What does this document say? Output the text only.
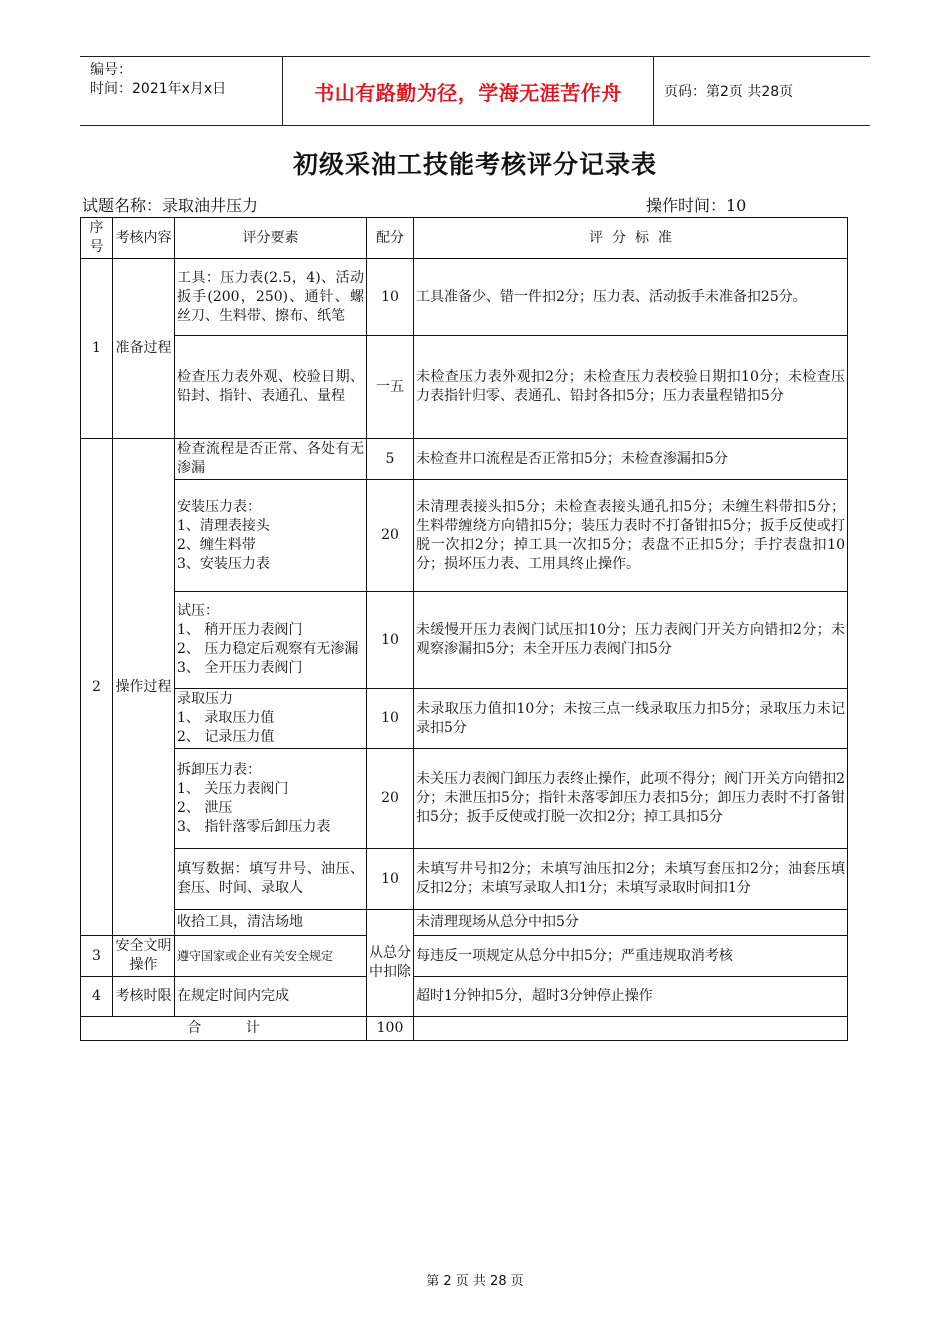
编号：
时间：2021年x月x日	书山有路勤为径，学海无涯苦作舟	页码：第2页 共28页
初级采油工技能考核评分记录表
试题名称：录取油井压力	操作时间：10
序号	考核内容	评分要素	配分	评  分  标  准
1	准备过程	工具：压力表(2.5，4)、活动扳手(200，250)、通针、螺丝刀、生料带、擦布、纸笔	10	工具准备少、错一件扣2分；压力表、活动扳手未准备扣25分。
		检查压力表外观、校验日期、铅封、指针、表通孔、量程	一五	未检查压力表外观扣2分；未检查压力表校验日期扣10分；未检查压力表指针归零、表通孔、铅封各扣5分；压力表量程错扣5分
2	操作过程	检查流程是否正常、各处有无渗漏	5	未检查井口流程是否正常扣5分；未检查渗漏扣5分

		安装压力表：
1、清理表接头
2、缠生料带
3、安装压力表	20	未清理表接头扣5分；未检查表接头通孔扣5分；未缠生料带扣5分；生料带缠绕方向错扣5分；装压力表时不打备钳扣5分；扳手反使或打脱一次扣2分；掉工具一次扣5分；表盘不正扣5分；手拧表盘扣10分；损坏压力表、工用具终止操作。

		试压：
1、 稍开压力表阀门
2、 压力稳定后观察有无渗漏
3、 全开压力表阀门	10	未缓慢开压力表阀门试压扣10分；压力表阀门开关方向错扣2分；未观察渗漏扣5分；未全开压力表阀门扣5分

		录取压力
1、 录取压力值
2、 记录压力值	10	未录取压力值扣10分；未按三点一线录取压力扣5分；录取压力未记录扣5分

		拆卸压力表：
1、 关压力表阀门
2、 泄压
3、 指针落零后卸压力表	20	未关压力表阀门卸压力表终止操作，此项不得分；阀门开关方向错扣2分；未泄压扣5分；指针未落零卸压力表扣5分；卸压力表时不打备钳扣5分；扳手反使或打脱一次扣2分；掉工具扣5分
		填写数据：填写井号、油压、套压、时间、录取人	10	未填写井号扣2分；未填写油压扣2分；未填写套压扣2分；油套压填反扣2分；未填写录取人扣1分；未填写录取时间扣1分
		收拾工具，清洁场地	从总分中扣除	未清理现场从总分中扣5分
3	安全文明操作	遵守国家或企业有关安全规定		每违反一项规定从总分中扣5分；严重违规取消考核
4	考核时限	在规定时间内完成		超时1分钟扣5分，超时3分钟停止操作
合          计			100	
第 2 页 共 28 页
